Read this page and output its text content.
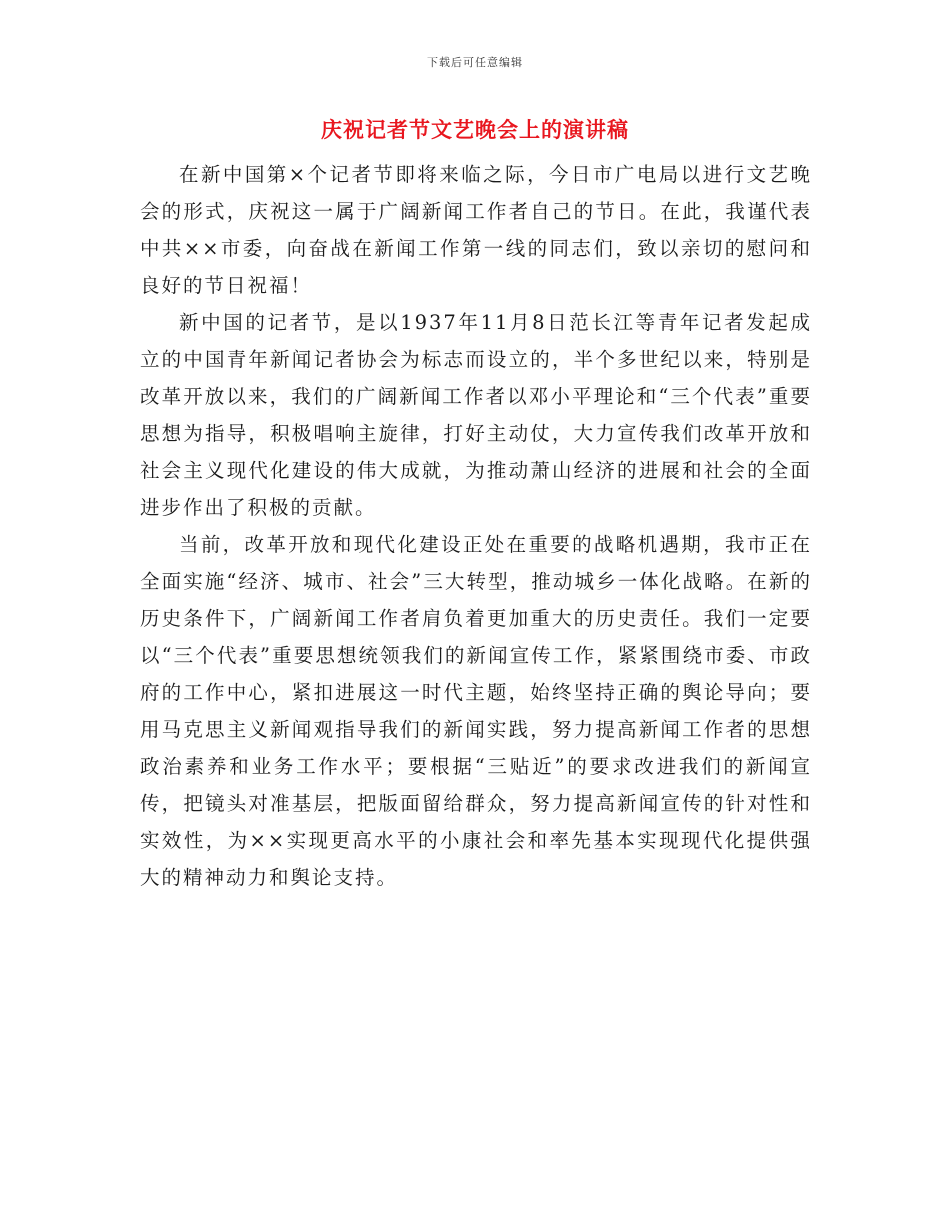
下载后可任意编辑
庆祝记者节文艺晚会上的演讲稿

在新中国第×个记者节即将来临之际，今日市广电局以进行文艺晚会的形式，庆祝这一属于广阔新闻工作者自己的节日。在此，我谨代表中共××市委，向奋战在新闻工作第一线的同志们，致以亲切的慰问和良好的节日祝福！

新中国的记者节，是以1937年11月8日范长江等青年记者发起成立的中国青年新闻记者协会为标志而设立的，半个多世纪以来，特别是改革开放以来，我们的广阔新闻工作者以邓小平理论和“三个代表”重要思想为指导，积极唱响主旋律，打好主动仗，大力宣传我们改革开放和社会主义现代化建设的伟大成就，为推动萧山经济的进展和社会的全面进步作出了积极的贡献。

当前，改革开放和现代化建设正处在重要的战略机遇期，我市正在全面实施“经济、城市、社会”三大转型，推动城乡一体化战略。在新的历史条件下，广阔新闻工作者肩负着更加重大的历史责任。我们一定要以“三个代表”重要思想统领我们的新闻宣传工作，紧紧围绕市委、市政府的工作中心，紧扣进展这一时代主题，始终坚持正确的舆论导向；要用马克思主义新闻观指导我们的新闻实践，努力提高新闻工作者的思想政治素养和业务工作水平；要根据“三贴近”的要求改进我们的新闻宣传，把镜头对准基层，把版面留给群众，努力提高新闻宣传的针对性和实效性，为××实现更高水平的小康社会和率先基本实现现代化提供强大的精神动力和舆论支持。
